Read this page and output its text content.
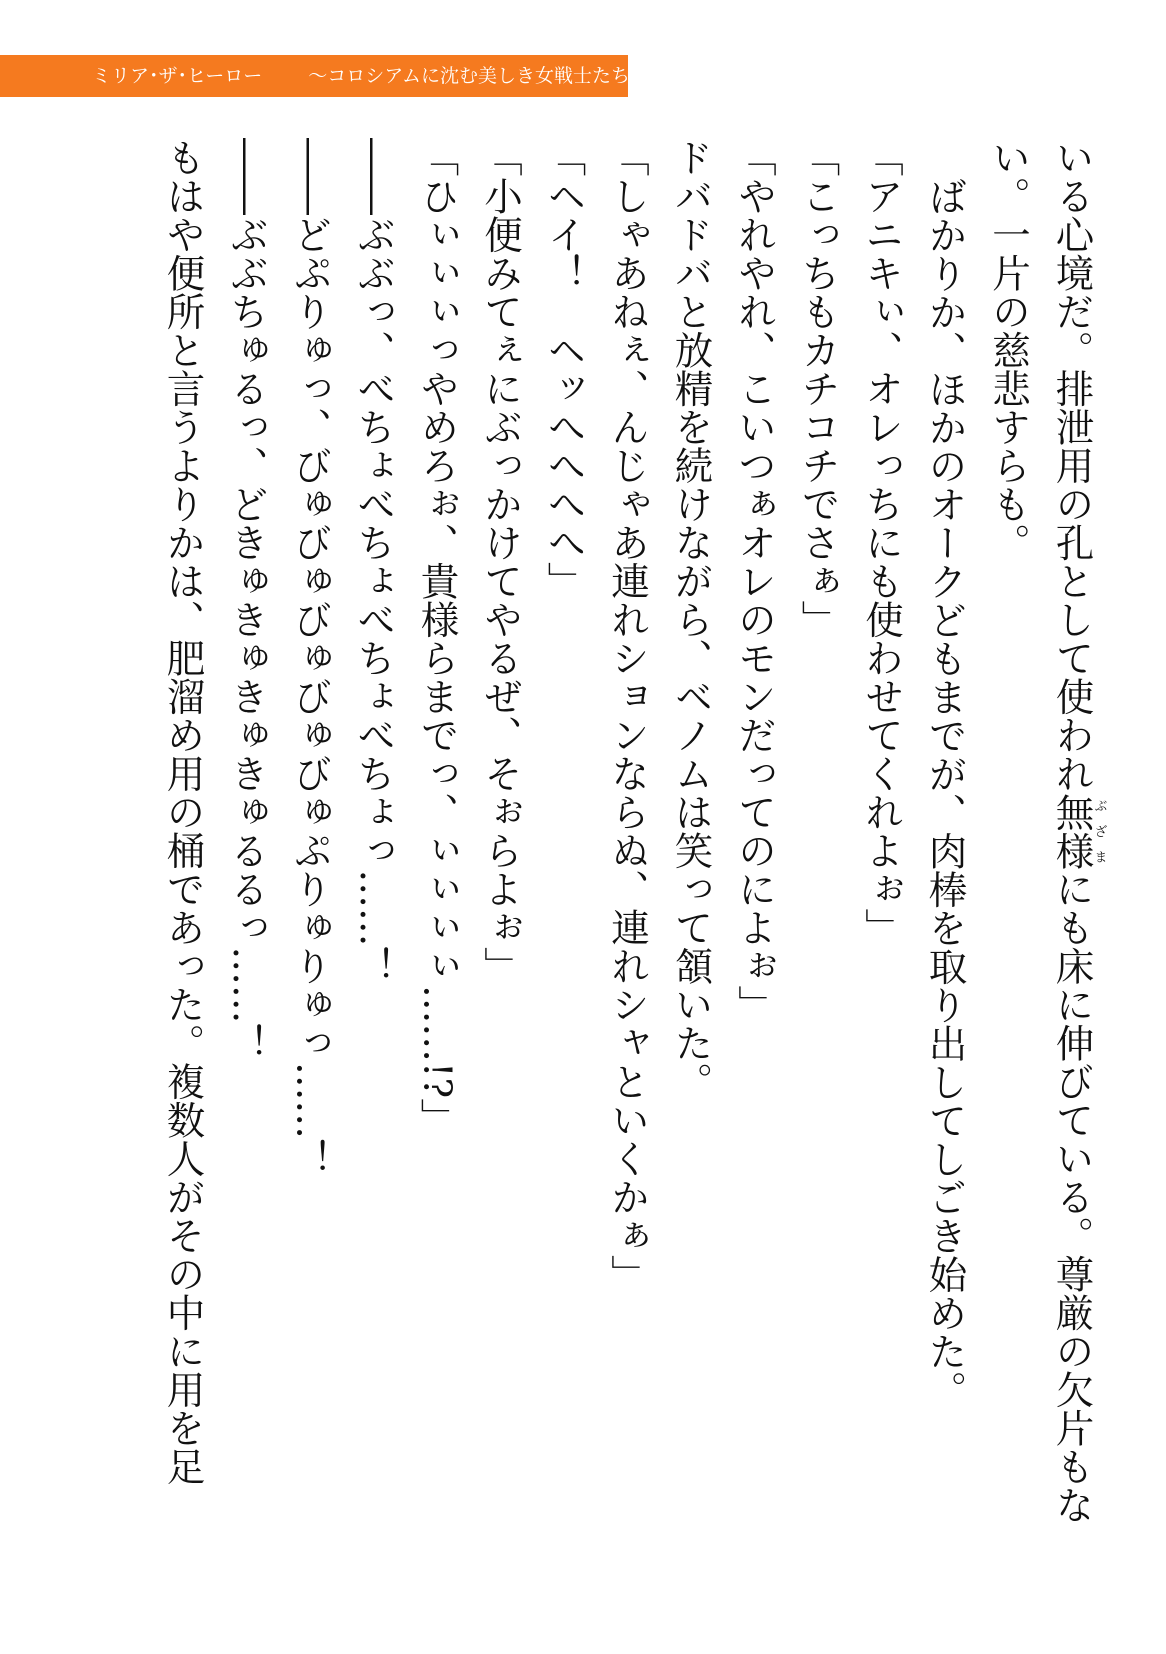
ミリア･ザ･ヒーロー ～コロシアムに沈む美しき女戦士たち～

いる心境だ。排泄用の孔として使われ無様ぶざまにも床に伸びている。尊厳の欠片もない。一片の慈悲すらも。

ばかりか、ほかのオークどもまでが、肉棒を取り出してしごき始めた。

「アニキぃ、オレっちにも使わせてくれよぉ」

「こっちもカチコチでさぁ」

「やれやれ、こいつぁオレのモンだってのによぉ」

ドバドバと放精を続けながら、ベノムは笑って頷いた。

「しゃあねぇ、んじゃあ連れションならぬ、連れシャといくかぁ」

「ヘイ！　ヘッへへへへ」

「小便みてぇにぶっかけてやるぜ、そぉらよぉ」

「ひぃぃぃっやめろぉ、貴様らまでっ、ぃぃぃぃ……!?」

――ぶぶっ、べちょべちょべちょべちょっ……！

――どぷりゅっ、びゅびゅびゅびゅびゅぷりゅりゅっ……！

――ぶぶちゅるっ、どきゅきゅきゅきゅるるっ……！

もはや便所と言うよりかは、肥溜め用の桶であった。複数人がその中に用を足
